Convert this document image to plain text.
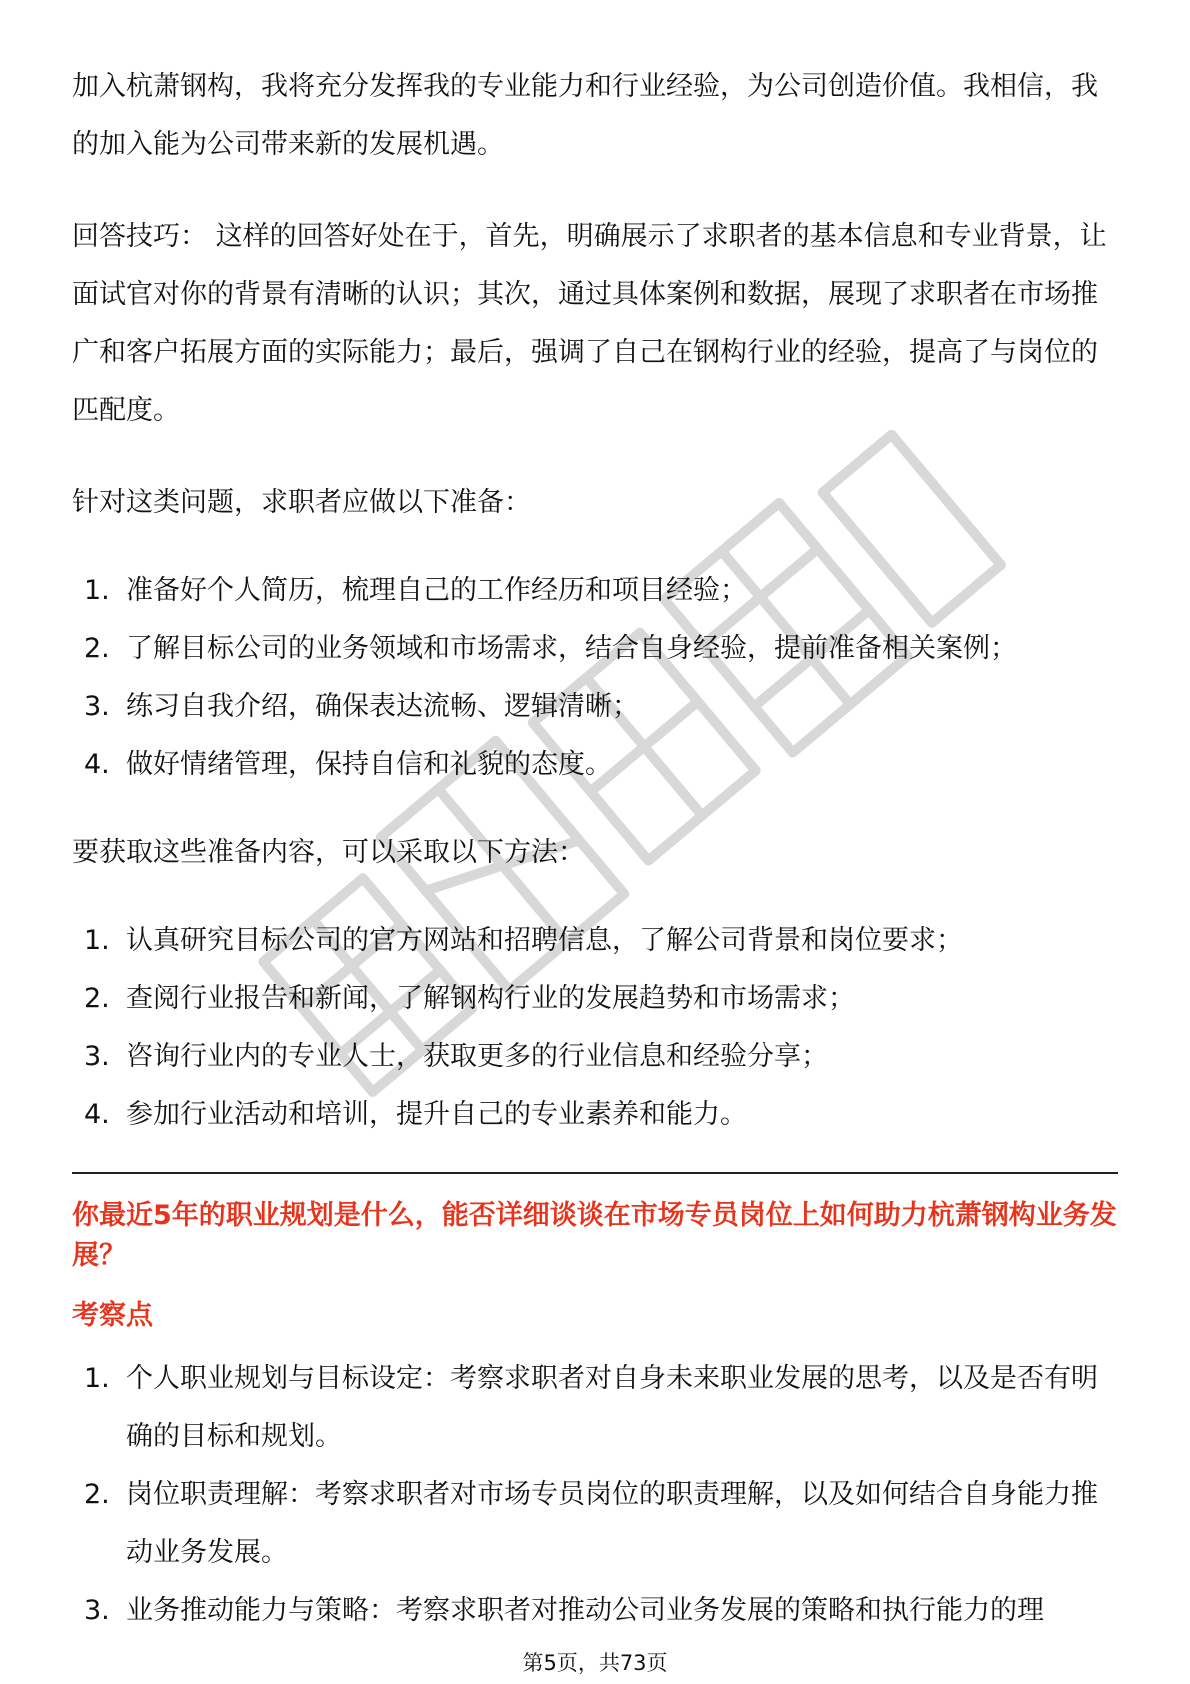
加入杭萧钢构，我将充分发挥我的专业能力和行业经验，为公司创造价值。我相信，我的加入能为公司带来新的发展机遇。

回答技巧： 这样的回答好处在于，首先，明确展示了求职者的基本信息和专业背景，让面试官对你的背景有清晰的认识；其次，通过具体案例和数据，展现了求职者在市场推广和客户拓展方面的实际能力；最后，强调了自己在钢构行业的经验，提高了与岗位的匹配度。

针对这类问题，求职者应做以下准备：

1. 准备好个人简历，梳理自己的工作经历和项目经验；
2. 了解目标公司的业务领域和市场需求，结合自身经验，提前准备相关案例；
3. 练习自我介绍，确保表达流畅、逻辑清晰；
4. 做好情绪管理，保持自信和礼貌的态度。

要获取这些准备内容，可以采取以下方法：

1. 认真研究目标公司的官方网站和招聘信息，了解公司背景和岗位要求；
2. 查阅行业报告和新闻，了解钢构行业的发展趋势和市场需求；
3. 咨询行业内的专业人士，获取更多的行业信息和经验分享；
4. 参加行业活动和培训，提升自己的专业素养和能力。

你最近5年的职业规划是什么，能否详细谈谈在市场专员岗位上如何助力杭萧钢构业务发展？

考察点

1. 个人职业规划与目标设定：考察求职者对自身未来职业发展的思考，以及是否有明确的目标和规划。
2. 岗位职责理解：考察求职者对市场专员岗位的职责理解，以及如何结合自身能力推动业务发展。
3. 业务推动能力与策略：考察求职者对推动公司业务发展的策略和执行能力的理
第5页，共73页
